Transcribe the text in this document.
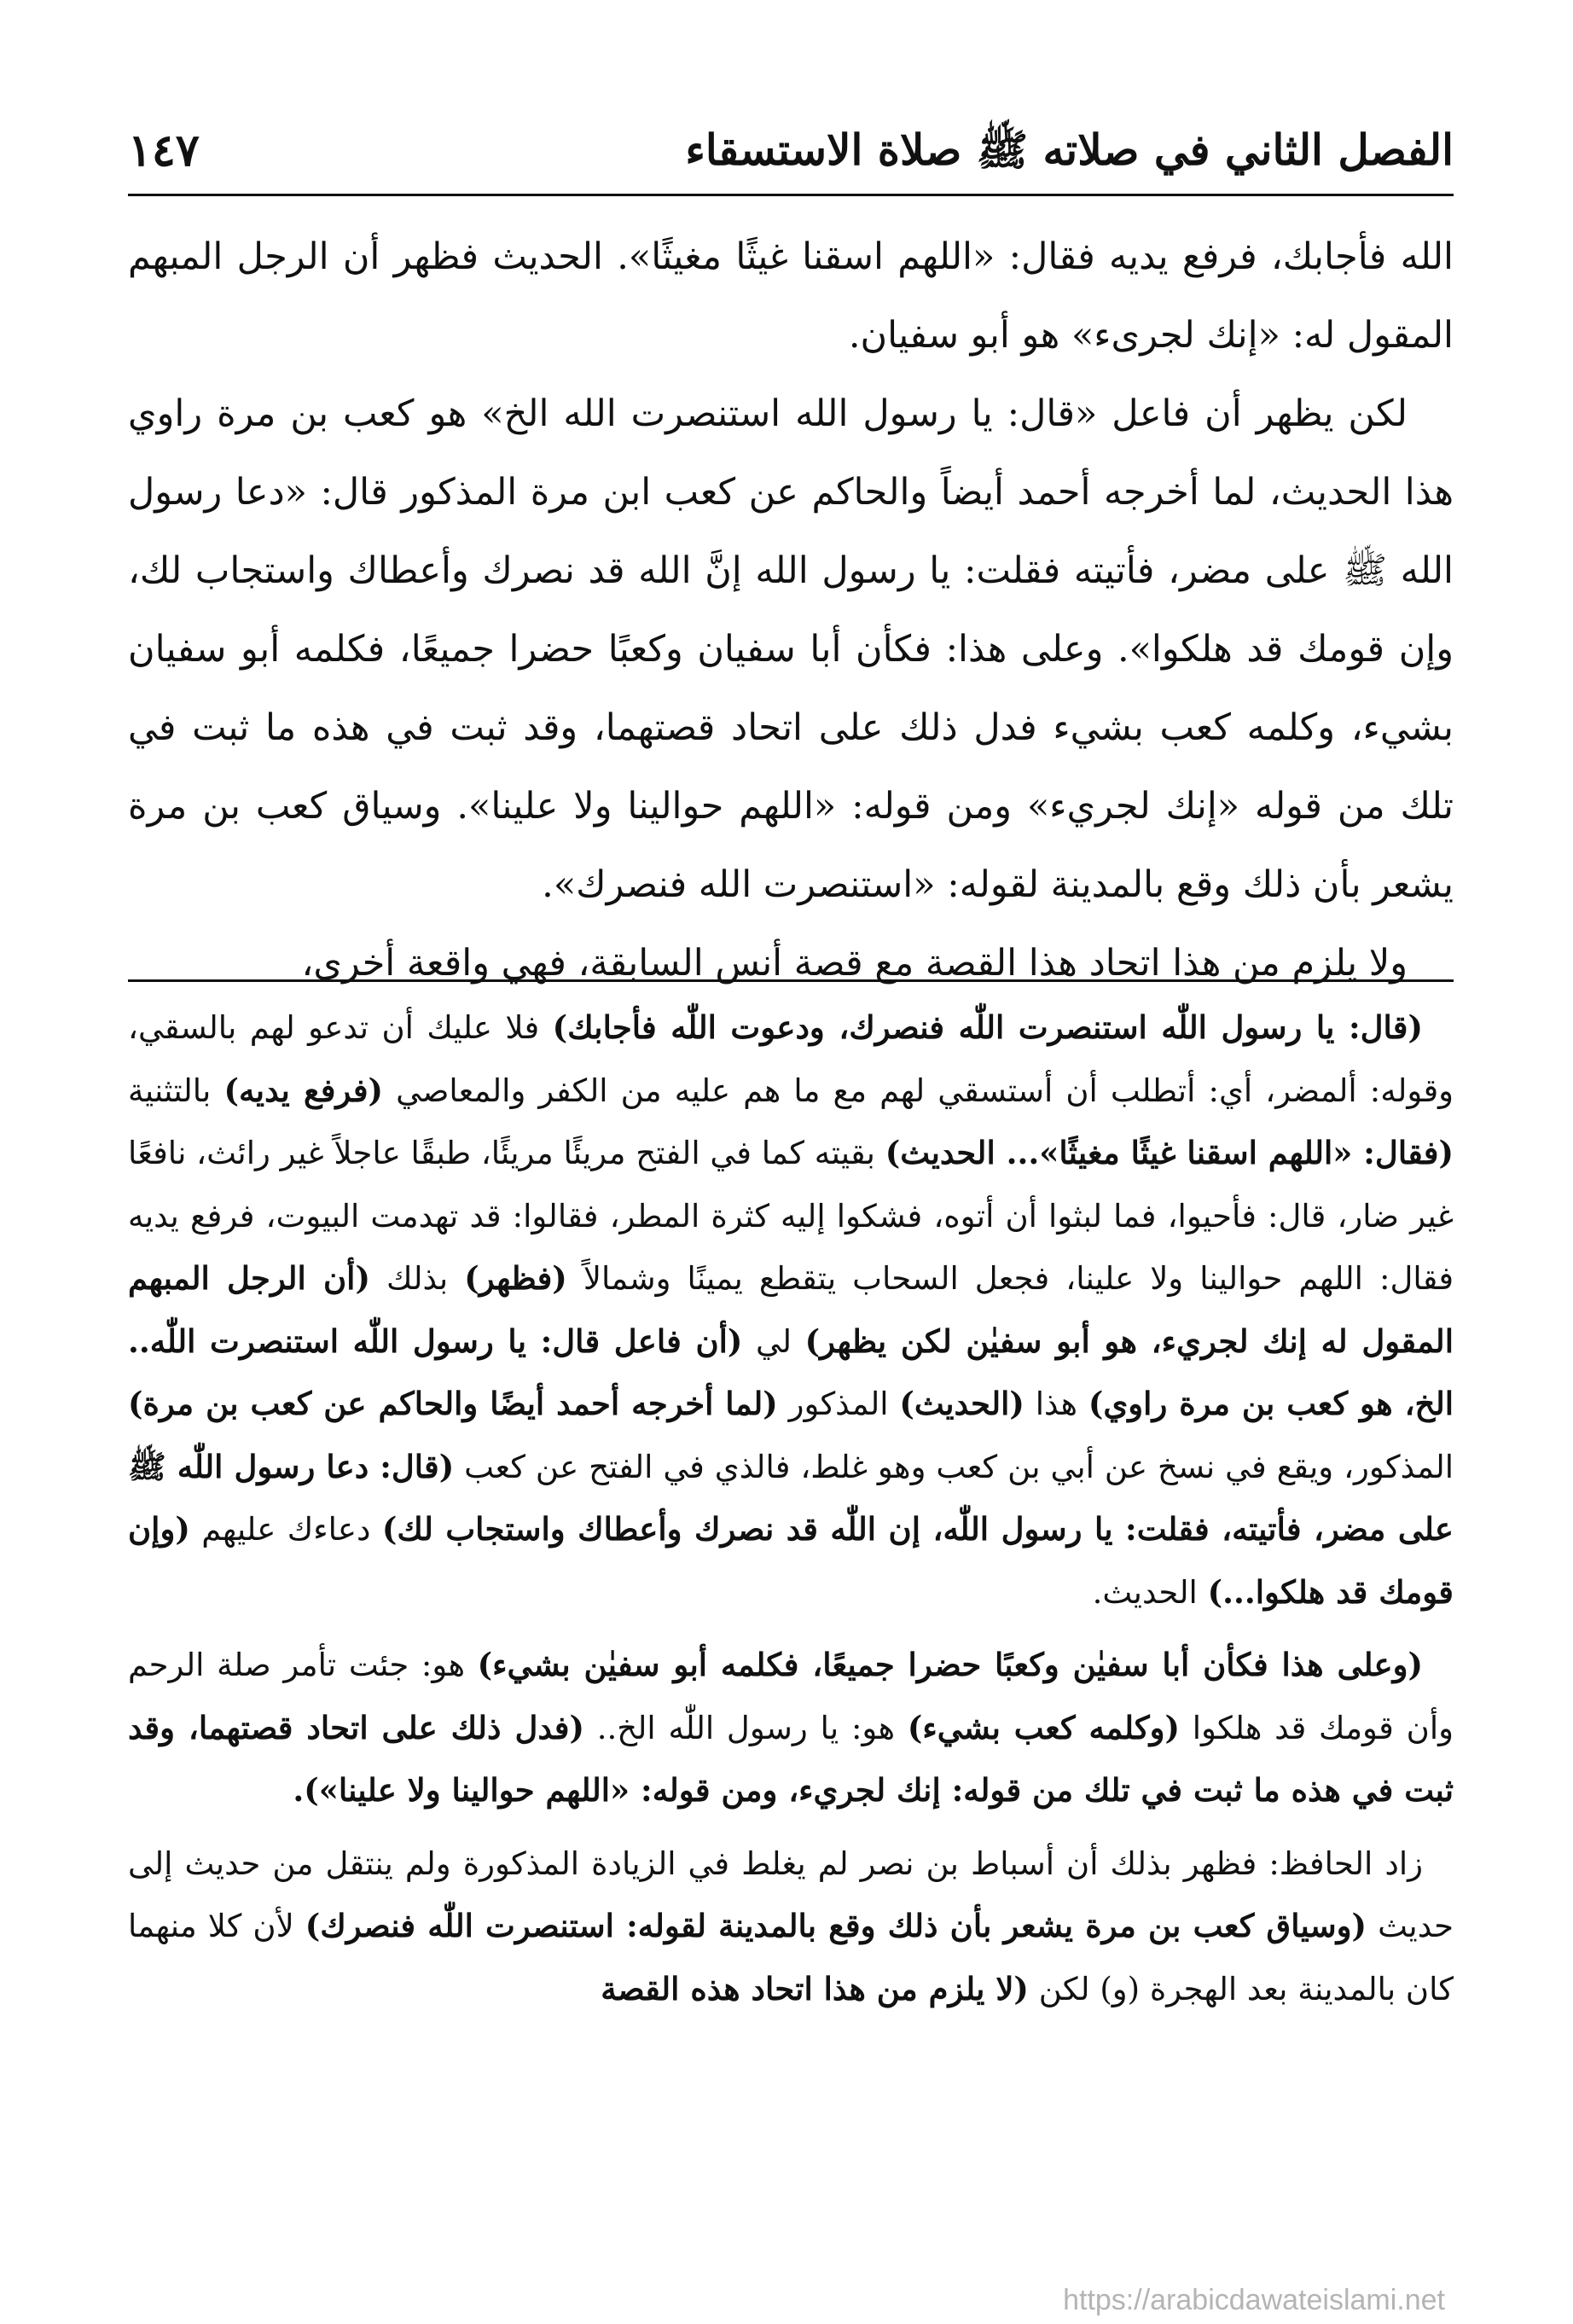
الفصل الثاني في صلاته ﷺ صلاة الاستسقاء
١٤٧

الله فأجابك، فرفع يديه فقال: «اللهم اسقنا غيثًا مغيثًا». الحديث فظهر أن الرجل المبهم المقول له: «إنك لجرىء» هو أبو سفيان.

لكن يظهر أن فاعل «قال: يا رسول الله استنصرت الله الخ» هو كعب بن مرة راوي هذا الحديث، لما أخرجه أحمد أيضاً والحاكم عن كعب ابن مرة المذكور قال: «دعا رسول الله ﷺ على مضر، فأتيته فقلت: يا رسول الله إنَّ الله قد نصرك وأعطاك واستجاب لك، وإن قومك قد هلكوا». وعلى هذا: فكأن أبا سفيان وكعبًا حضرا جميعًا، فكلمه أبو سفيان بشيء، وكلمه كعب بشيء فدل ذلك على اتحاد قصتهما، وقد ثبت في هذه ما ثبت في تلك من قوله «إنك لجريء» ومن قوله: «اللهم حوالينا ولا علينا». وسياق كعب بن مرة يشعر بأن ذلك وقع بالمدينة لقوله: «استنصرت الله فنصرك».

ولا يلزم من هذا اتحاد هذا القصة مع قصة أنس السابقة، فهي واقعة أخرى،

(قال: يا رسول اللّٰه استنصرت اللّٰه فنصرك، ودعوت اللّٰه فأجابك) فلا عليك أن تدعو لهم بالسقي، وقوله: ألمضر، أي: أتطلب أن أستسقي لهم مع ما هم عليه من الكفر والمعاصي (فرفع يديه) بالتثنية (فقال: «اللهم اسقنا غيثًا مغيثًا»... الحديث) بقيته كما في الفتح مريئًا مريئًا، طبقًا عاجلاً غير رائث، نافعًا غير ضار، قال: فأحيوا، فما لبثوا أن أتوه، فشكوا إليه كثرة المطر، فقالوا: قد تهدمت البيوت، فرفع يديه فقال: اللهم حوالينا ولا علينا، فجعل السحاب يتقطع يمينًا وشمالاً (فظهر) بذلك (أن الرجل المبهم المقول له إنك لجريء، هو أبو سفيٰن لكن يظهر) لي (أن فاعل قال: يا رسول اللّٰه استنصرت اللّٰه.. الخ، هو كعب بن مرة راوي) هذا (الحديث) المذكور (لما أخرجه أحمد أيضًا والحاكم عن كعب بن مرة) المذكور، ويقع في نسخ عن أبي بن كعب وهو غلط، فالذي في الفتح عن كعب (قال: دعا رسول اللّٰه ﷺ على مضر، فأتيته، فقلت: يا رسول اللّٰه، إن اللّٰه قد نصرك وأعطاك واستجاب لك) دعاءك عليهم (وإن قومك قد هلكوا...) الحديث.

(وعلى هذا فكأن أبا سفيٰن وكعبًا حضرا جميعًا، فكلمه أبو سفيٰن بشيء) هو: جئت تأمر صلة الرحم وأن قومك قد هلكوا (وكلمه كعب بشيء) هو: يا رسول اللّٰه الخ.. (فدل ذلك على اتحاد قصتهما، وقد ثبت في هذه ما ثبت في تلك من قوله: إنك لجريء، ومن قوله: «اللهم حوالينا ولا علينا»).

زاد الحافظ: فظهر بذلك أن أسباط بن نصر لم يغلط في الزيادة المذكورة ولم ينتقل من حديث إلى حديث (وسياق كعب بن مرة يشعر بأن ذلك وقع بالمدينة لقوله: استنصرت اللّٰه فنصرك) لأن كلا منهما كان بالمدينة بعد الهجرة (و) لكن (لا يلزم من هذا اتحاد هذه القصة

https://arabicdawateislami.net
